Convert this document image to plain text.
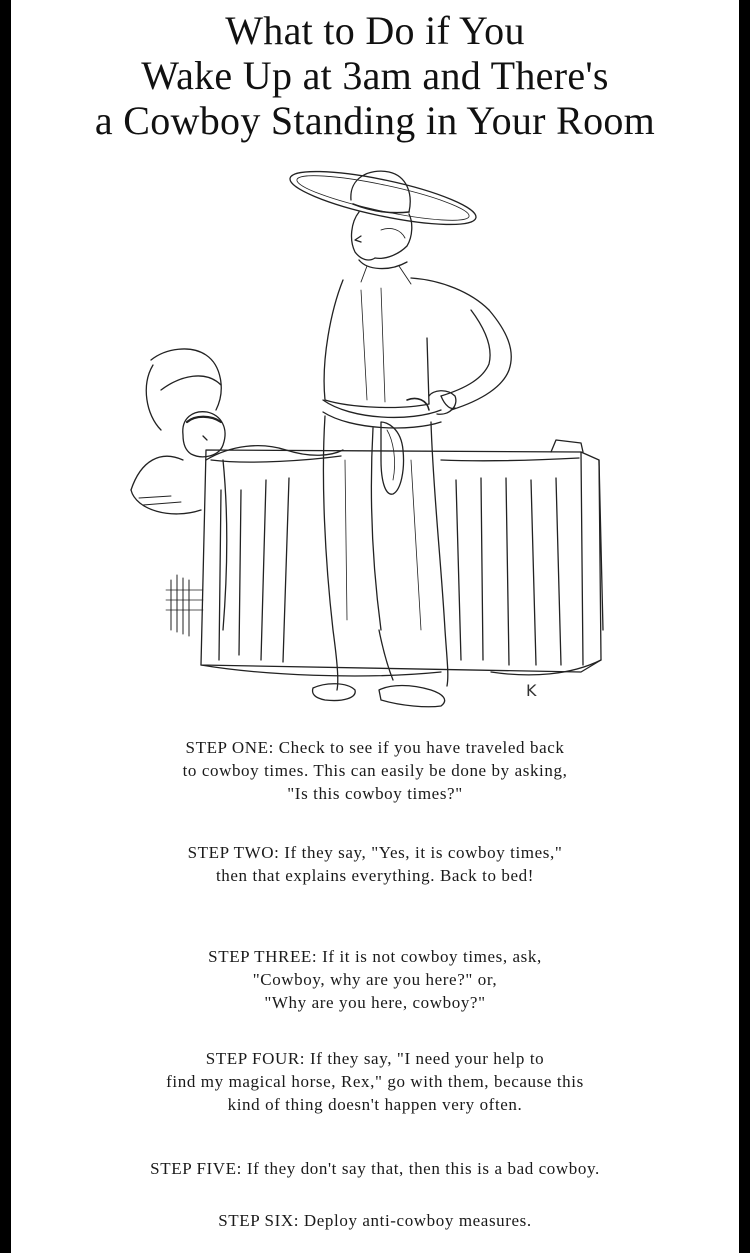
What to Do if You
Wake Up at 3am and There's
a Cowboy Standing in Your Room
K
STEP ONE: Check to see if you have traveled back
to cowboy times. This can easily be done by asking,
"Is this cowboy times?"
STEP TWO: If they say, "Yes, it is cowboy times,"
then that explains everything. Back to bed!
STEP THREE: If it is not cowboy times, ask,
"Cowboy, why are you here?" or,
"Why are you here, cowboy?"
STEP FOUR: If they say, "I need your help to
find my magical horse, Rex," go with them, because this
kind of thing doesn't happen very often.
STEP FIVE: If they don't say that, then this is a bad cowboy.
STEP SIX: Deploy anti-cowboy measures.
